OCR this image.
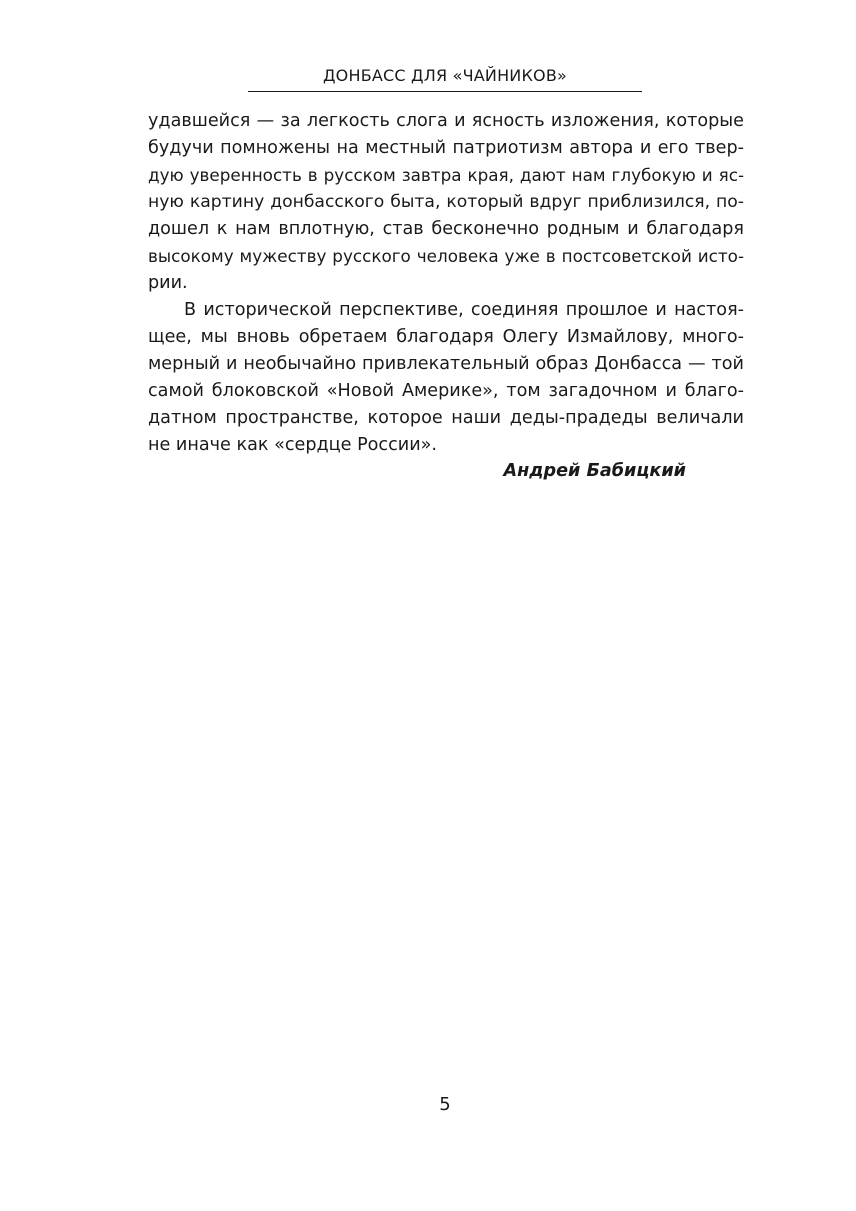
ДОНБАСС ДЛЯ «ЧАЙНИКОВ»
удавшейся — за легкость слога и ясность изложения, которые
будучи помножены на местный патриотизм автора и его твер-
дую уверенность в русском завтра края, дают нам глубокую и яс-
ную картину донбасского быта, который вдруг приблизился, по-
дошел к нам вплотную, став бесконечно родным и благодаря
высокому мужеству русского человека уже в постсоветской исто-
рии.
В исторической перспективе, соединяя прошлое и настоя-
щее, мы вновь обретаем благодаря Олегу Измайлову, много-
мерный и необычайно привлекательный образ Донбасса — той
самой блоковской «Новой Америке», том загадочном и благо-
датном пространстве, которое наши деды-прадеды величали
не иначе как «сердце России».
Андрей Бабицкий
5
